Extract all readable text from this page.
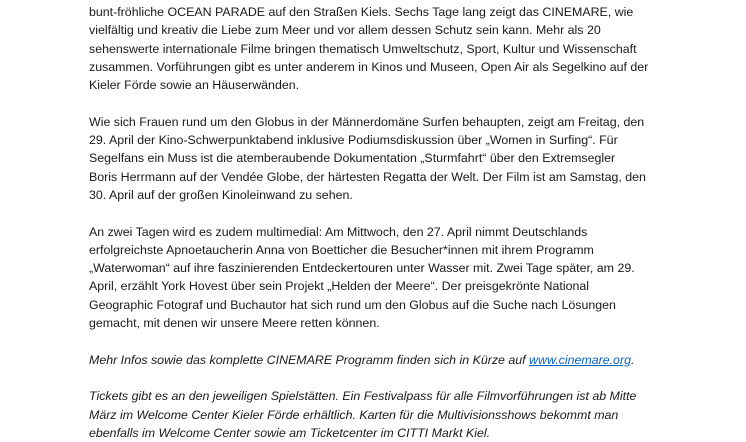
bunt-fröhliche OCEAN PARADE auf den Straßen Kiels. Sechs Tage lang zeigt das CINEMARE, wie
vielfältig und kreativ die Liebe zum Meer und vor allem dessen Schutz sein kann. Mehr als 20
sehenswerte internationale Filme bringen thematisch Umweltschutz, Sport, Kultur und Wissenschaft
zusammen. Vorführungen gibt es unter anderem in Kinos und Museen, Open Air als Segelkino auf der
Kieler Förde sowie an Häuserwänden.

Wie sich Frauen rund um den Globus in der Männerdomäne Surfen behaupten, zeigt am Freitag, den
29. April der Kino-Schwerpunktabend inklusive Podiumsdiskussion über „Women in Surfing“. Für
Segelfans ein Muss ist die atemberaubende Dokumentation „Sturmfahrt“ über den Extremsegler
Boris Herrmann auf der Vendée Globe, der härtesten Regatta der Welt. Der Film ist am Samstag, den
30. April auf der großen Kinoleinwand zu sehen.

An zwei Tagen wird es zudem multimedial: Am Mittwoch, den 27. April nimmt Deutschlands
erfolgreichste Apnoetaucherin Anna von Boetticher die Besucher*innen mit ihrem Programm
„Waterwoman“ auf ihre faszinierenden Entdeckertouren unter Wasser mit. Zwei Tage später, am 29.
April, erzählt York Hovest über sein Projekt „Helden der Meere“. Der preisgekrönte National
Geographic Fotograf und Buchautor hat sich rund um den Globus auf die Suche nach Lösungen
gemacht, mit denen wir unsere Meere retten können.

Mehr Infos sowie das komplette CINEMARE Programm finden sich in Kürze auf www.cinemare.org.

Tickets gibt es an den jeweiligen Spielstätten. Ein Festivalpass für alle Filmvorführungen ist ab Mitte
März im Welcome Center Kieler Förde erhältlich. Karten für die Multivisionsshows bekommt man
ebenfalls im Welcome Center sowie am Ticketcenter im CITTI Markt Kiel.
